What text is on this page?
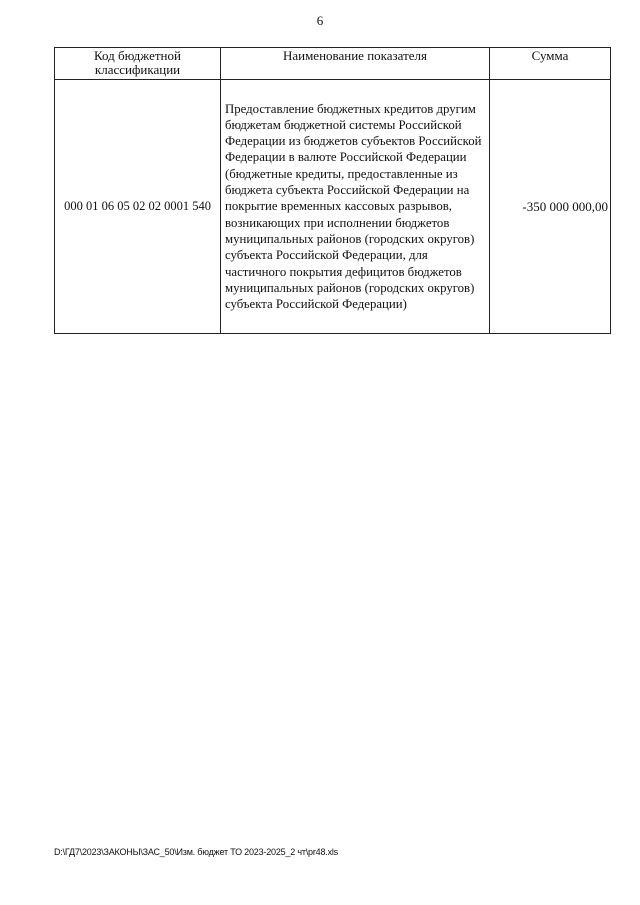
6
Код бюджетной классификации	Наименование показателя	Сумма
000 01 06 05 02 02 0001 540	Предоставление бюджетных кредитов другим бюджетам бюджетной системы Российской Федерации из бюджетов субъектов Российской Федерации в валюте Российской Федерации (бюджетные кредиты, предоставленные из бюджета субъекта Российской Федерации на покрытие временных кассовых разрывов, возникающих при исполнении бюджетов муниципальных районов (городских округов) субъекта Российской Федерации, для частичного покрытия дефицитов бюджетов муниципальных районов (городских округов) субъекта Российской Федерации)	-350 000 000,00
D:\ГД7\2023\ЗАКОНЫ\ЗАС_50\Изм. бюджет ТО 2023-2025_2 чт\pr48.xls
